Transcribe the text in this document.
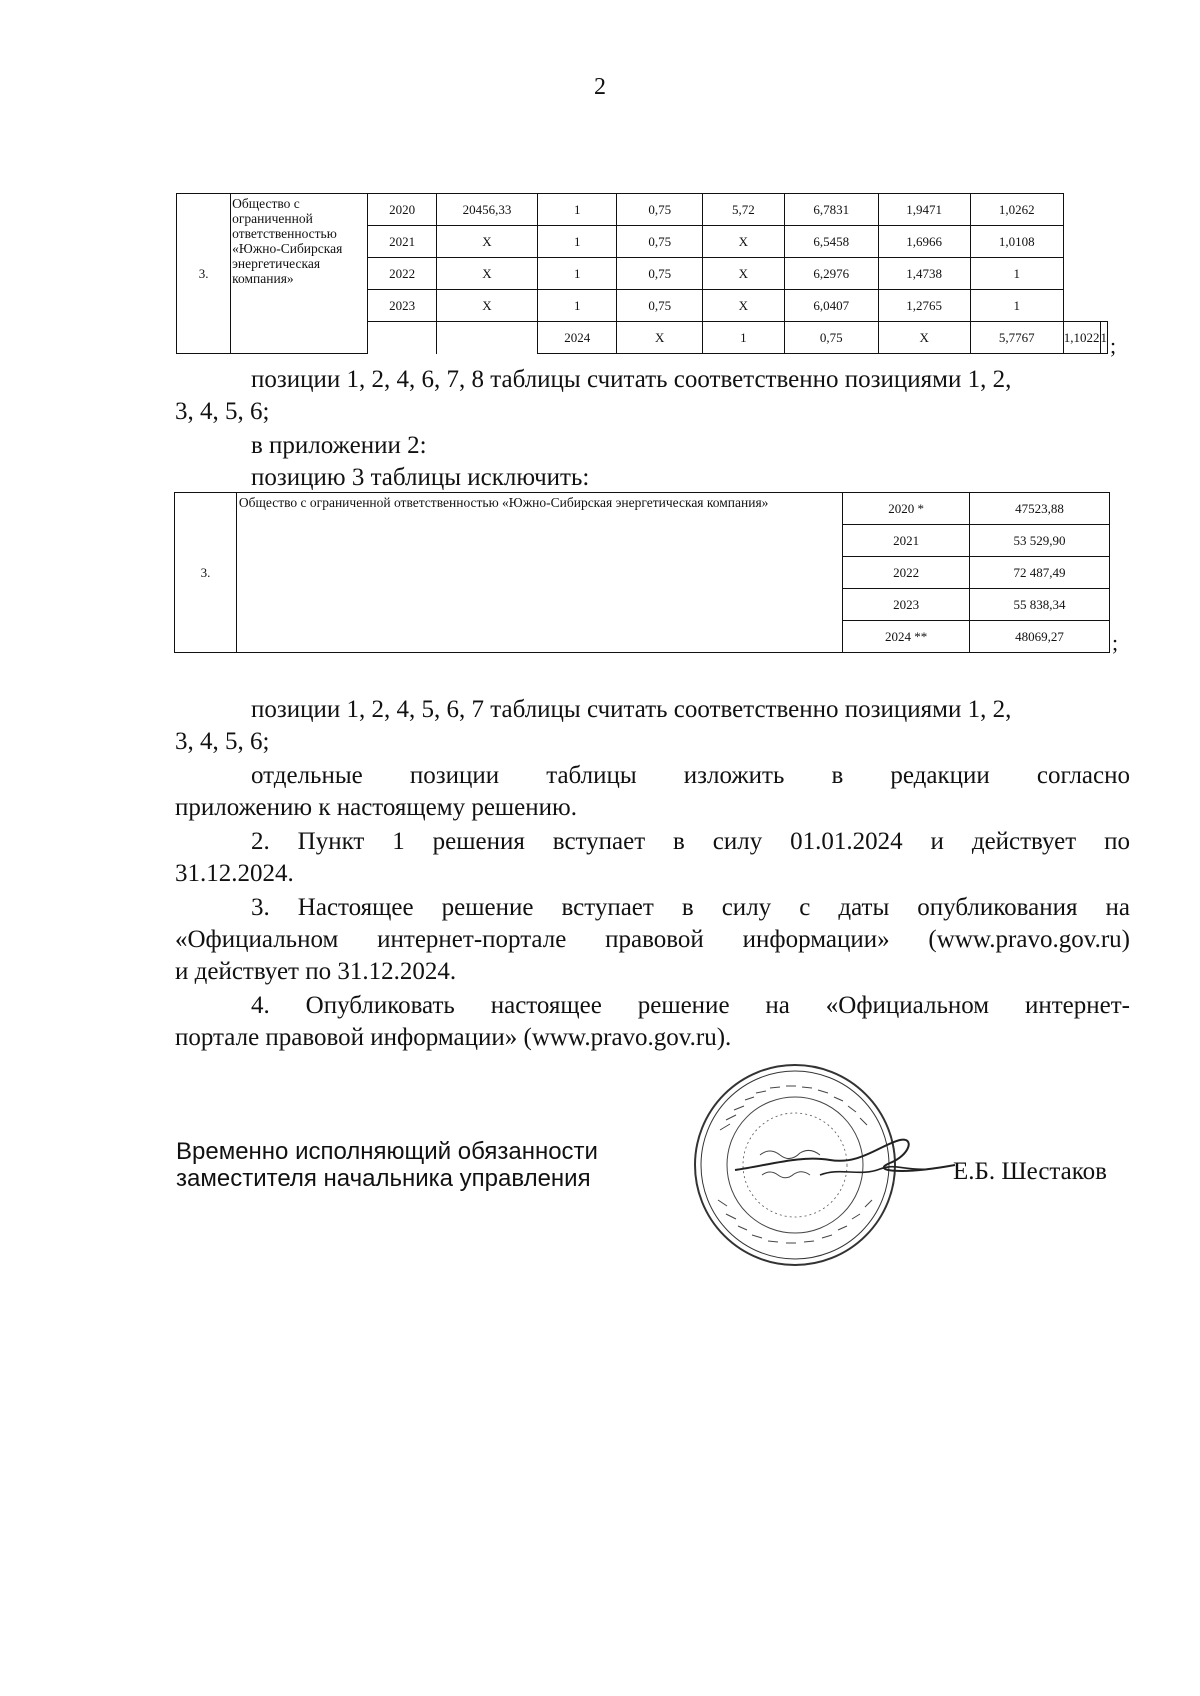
2
3.	Общество с ограниченной ответственностью «Южно-Сибирская энергетическая компания»	2020	20456,33	1	0,75	5,72	6,7831	1,9471	1,0262		
		2021	X	1	0,75	X	6,5458	1,6966	1,0108		
		2022	X	1	0,75	X	6,2976	1,4738	1		
		2023	X	1	0,75	X	6,0407	1,2765	1		
				2024	X	1	0,75	X	5,7767	1,1022	1 ;
позиции 1, 2, 4, 6, 7, 8 таблицы считать соответственно позициями 1, 2,
3, 4, 5, 6;
в приложении 2:
позицию 3 таблицы исключить:
3.	Общество с ограниченной ответственностью «Южно-Сибирская энергетическая компания»	2020 *	47523,88
		2021	53 529,90
		2022	72 487,49
		2023	55 838,34
		2024 **	48069,27 ;
позиции 1, 2, 4, 5, 6, 7 таблицы считать соответственно позициями 1, 2,
3, 4, 5, 6;
отдельные позиции таблицы изложить в редакции согласно
приложению к настоящему решению.
2. Пункт 1 решения вступает в силу 01.01.2024 и действует по
31.12.2024.
3. Настоящее решение вступает в силу с даты опубликования на
«Официальном интернет-портале правовой информации» (www.pravo.gov.ru)
и действует по 31.12.2024.
4. Опубликовать настоящее решение на «Официальном интернет-
портале правовой информации» (www.pravo.gov.ru).
Временно исполняющий обязанности
заместителя начальника управления	Е.Б. Шестаков
